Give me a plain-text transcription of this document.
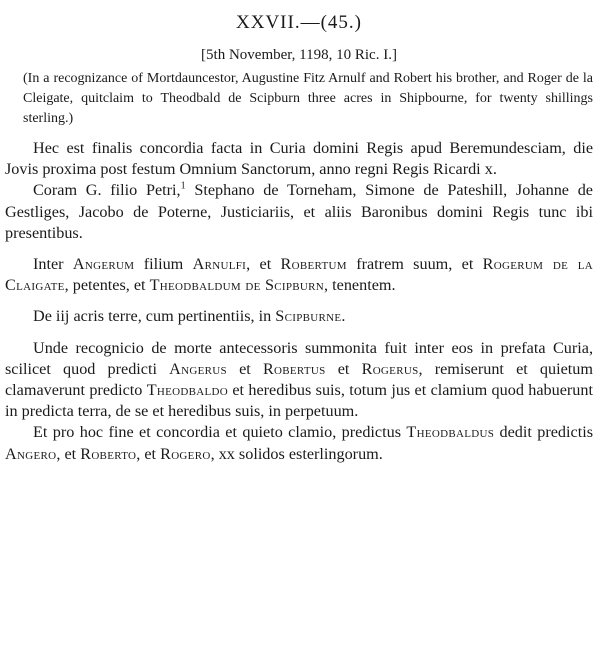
XXVII.—(45.)
[5th November, 1198, 10 Ric. I.]
(In a recognizance of Mortdauncestor, Augustine Fitz Arnulf and Robert his brother, and Roger de la Cleigate, quitclaim to Theodbald de Scipburn three acres in Shipbourne, for twenty shillings sterling.)

Hec est finalis concordia facta in Curia domini Regis apud Beremundesciam, die Jovis proxima post festum Omnium Sanctorum, anno regni Regis Ricardi x.

Coram G. filio Petri,$^1$ Stephano de Torneham, Simone de Pateshill, Johanne de Gestliges, Jacobo de Poterne, Justiciariis, et aliis Baronibus domini Regis tunc ibi presentibus.

Inter Angerum filium Arnulfi, et Robertum fratrem suum, et Rogerum de la Claigate, petentes, et Theodbaldum de Scipburn, tenentem.

De iij acris terre, cum pertinentiis, in Scipburne.

Unde recognicio de morte antecessoris summonita fuit inter eos in prefata Curia, scilicet quod predicti Angerus et Robertus et Rogerus, remiserunt et quietum clamaverunt predicto Theodbaldo et heredibus suis, totum jus et clamium quod habuerunt in predicta terra, de se et heredibus suis, in perpetuum.

Et pro hoc fine et concordia et quieto clamio, predictus Theodbaldus dedit predictis Angero, et Roberto, et Rogero, xx solidos esterlingorum.
